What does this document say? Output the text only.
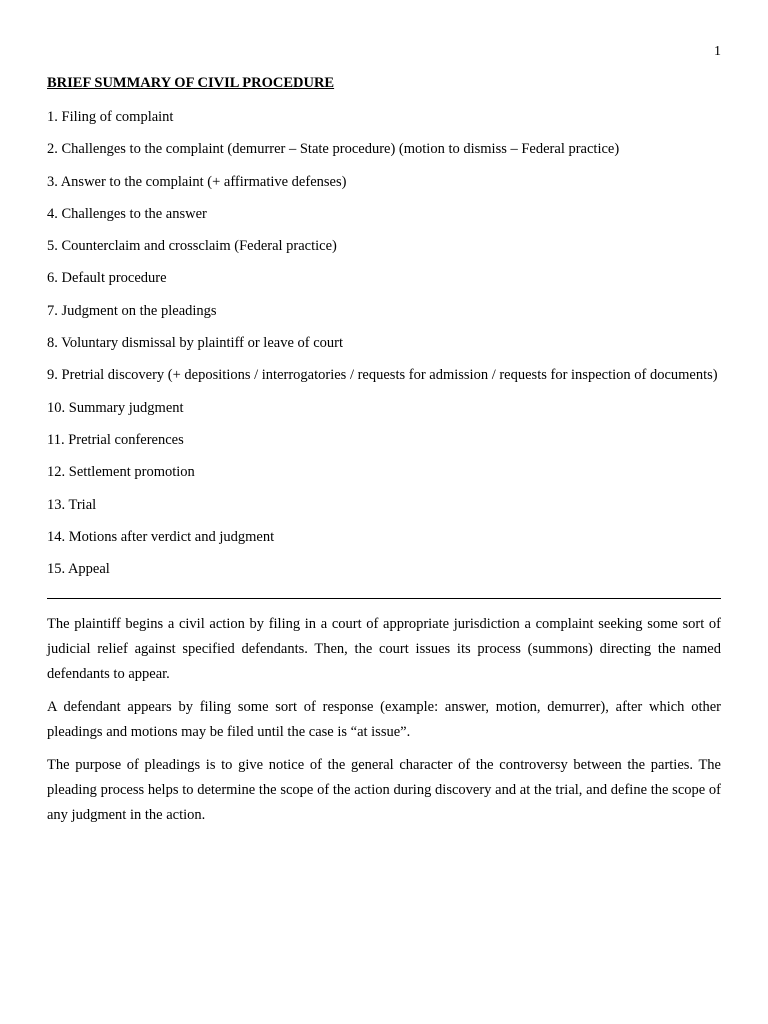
1
BRIEF SUMMARY OF CIVIL PROCEDURE
1. Filing of complaint
2. Challenges to the complaint (demurrer – State procedure) (motion to dismiss – Federal practice)
3. Answer to the complaint (+ affirmative defenses)
4. Challenges to the answer
5. Counterclaim and crossclaim (Federal practice)
6. Default procedure
7. Judgment on the pleadings
8. Voluntary dismissal by plaintiff or leave of court
9. Pretrial discovery (+ depositions / interrogatories / requests for admission / requests for inspection of documents)
10. Summary judgment
11. Pretrial conferences
12. Settlement promotion
13. Trial
14. Motions after verdict and judgment
15. Appeal

The plaintiff begins a civil action by filing in a court of appropriate jurisdiction a complaint seeking some sort of judicial relief against specified defendants. Then, the court issues its process (summons) directing the named defendants to appear.

A defendant appears by filing some sort of response (example: answer, motion, demurrer), after which other pleadings and motions may be filed until the case is “at issue”.

The purpose of pleadings is to give notice of the general character of the controversy between the parties. The pleading process helps to determine the scope of the action during discovery and at the trial, and define the scope of any judgment in the action.
